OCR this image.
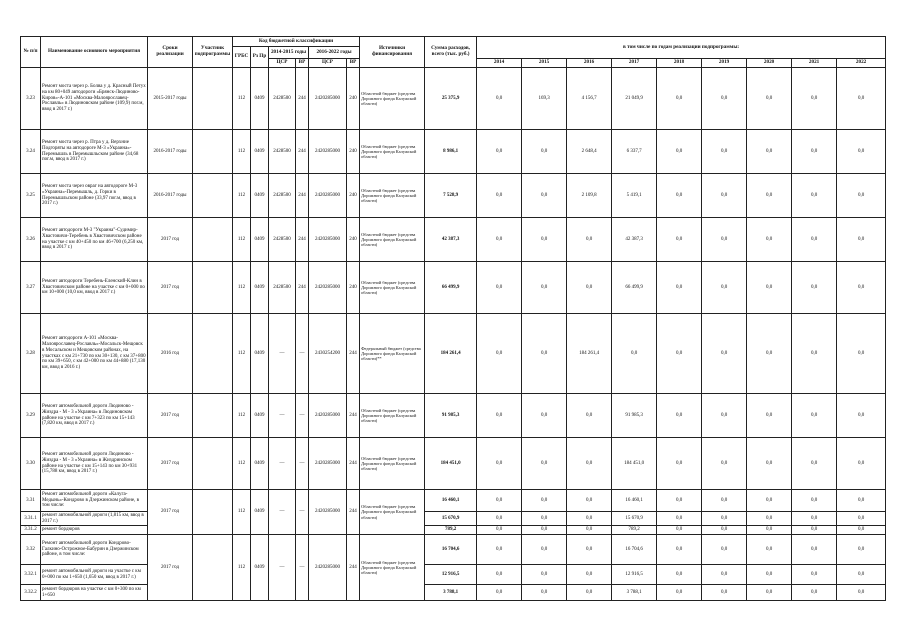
№ п/п	Наименование основного мероприятия	Сроки реализации	Участник подпрограммы	Код бюджетной классификации						Источники финансирования	Сумма расходов, всего (тыс. руб.)	в том числе по годам реализации подпрограммы:								
				ГРБС	Рз Пр	2014-2015 годы		2016-2022 годы												
						ЦСР	ВР	ЦСР	ВР			2014	2015	2016	2017	2018	2019	2020	2021	2022
3.23	Ремонт моста через р. Болва у д. Красный Петух на км 80+049 автодороги «Брянск-Людиново-Киров»-А-101 «Москва-Малоярославец-Рославль» в Людиновском районе (109,9) пог.м, ввод в 2017 г.)	2015-2017 годы		112	0409	2428500	244	2420285000	240	Областной бюджет (средства Дорожного фонда Калужской области)	25 375,9	0,0	169,3	4 156,7	21 049,9	0,0	0,0	0,0	0,0	0,0
3.24	Ремонт моста через р. Птра у д. Верхние Подгоряты на автодороге М-3 «Украина»-Перемышль в Перемышльском районе (34,68 пог.м, ввод в 2017 г.)	2016-2017 годы		112	0409	2428500	244	2420285000	240	Областной бюджет (средства Дорожного фонда Калужской области)	8 986,1	0,0	0,0	2 648,4	6 337,7	0,0	0,0	0,0	0,0	0,0
3.25	Ремонт моста через овраг на автодороге М-3 «Украина»-Перемышль, д. Горки в Перемышльском районе (33,97 пог.м, ввод в 2017 г.)	2016-2017 годы		112	0409	2428500	244	2420285000	240	Областной бюджет (средства Дорожного фонда Калужской области)	7 528,9	0,0	0,0	2 109,8	5 419,1	0,0	0,0	0,0	0,0	0,0
3.26	Ремонт автодороги М-3 "Украина"-Судимир-Хвастовичи-Теребень в Хвастовичском районе на участке с км 40+450 по км 46+700 (6,250 км, ввод в 2017 г.)	2017 год		112	0409	2428500	244	2420285000	240	Областной бюджет (средства Дорожного фонда Калужской области)	42 387,3	0,0	0,0	0,0	42 387,3	0,0	0,0	0,0	0,0	0,0
3.27	Ремонт автодороги Теребень-Еленский-Клин в Хвастовичском районе на участке с км 0+000 по км 10+000 (10,0 км, ввод в 2017 г.)	2017 год		112	0409	2428500	244	2420285000	240	Областной бюджет (средства Дорожного фонда Калужской области)	66 499,9	0,0	0,0	0,0	66 499,9	0,0	0,0	0,0	0,0	0,0
3.28	Ремонт автодороги А-101 «Москва-Малоярославец-Рославль»-Мосальск-Мещовск в Мосальском и Мещовском районах, на участках с км 21+730 по км 30+130, с км 37+800 по км 39+650, с км 42+000 по км 44+880 (17,130 км, ввод в 2016 г.)	2016 год		112	0409	—	—	2430254200	244	Федеральный бюджет (средства Дорожного фонда Калужской области)**	184 261,4	0,0	0,0	184 261,4	0,0	0,0	0,0	0,0	0,0	0,0
3.29	Ремонт автомобильной дороги Людиново - Жиздра - М - 3 «Украина» в Людиновском районе на участке с км 7+323 по км 15+143 (7,820 км, ввод в 2017 г.)	2017 год		112	0409	—	—	2420285000	244	Областной бюджет (средства Дорожного фонда Калужской области)	91 985,3	0,0	0,0	0,0	91 985,3	0,0	0,0	0,0	0,0	0,0
3.30	Ремонт автомобильной дороги Людиново - Жиздра - М - 3 «Украина» в Жиздринском районе на участке с км 15+143 по км 30+931 (15,788 км, ввод в 2017 г.)	2017 год		112	0409	—	—	2420285000	244	Областной бюджет (средства Дорожного фонда Калужской области)	184 451,0	0,0	0,0	0,0	184 451,0	0,0	0,0	0,0	0,0	0,0
3.31	Ремонт автомобильной дороги «Калуга-Медынь»-Кондрово в Дзержинском районе, в том числе:	2017 год		112	0409	—	—	2420285000	244	Областной бюджет (средства Дорожного фонда Калужской области)	16 460,1	0,0	0,0	0,0	16 460,1	0,0	0,0	0,0	0,0	0,0
3.31.1	ремонт автомобильной дороги (1,815 км, ввод в 2017 г.)										15 670,9	0,0	0,0	0,0	15 670,9	0,0	0,0	0,0	0,0	0,0
3.31.2	ремонт бордюров										789,2	0,0	0,0	0,0	789,2	0,0	0,0	0,0	0,0	0,0
3.32	Ремонт автомобильной дороги Кондрово-Галкино-Острожное-Бабурин в Дзержинском районе, в том числе:	2017 год		112	0409	—	—	2420285000	244	Областной бюджет (средства Дорожного фонда Калужской области)	16 704,6	0,0	0,0	0,0	16 704,6	0,0	0,0	0,0	0,0	0,0
3.32.1	ремонт автомобильной дороги на участке с км 0+000 по км 1+650 (1,650 км, ввод в 2017 г.)										12 916,5	0,0	0,0	0,0	12 916,5	0,0	0,0	0,0	0,0	0,0
3.32.2	ремонт бордюров на участке с км 0+300 по км 1+650										3 788,1	0,0	0,0	0,0	3 788,1	0,0	0,0	0,0	0,0	0,0
